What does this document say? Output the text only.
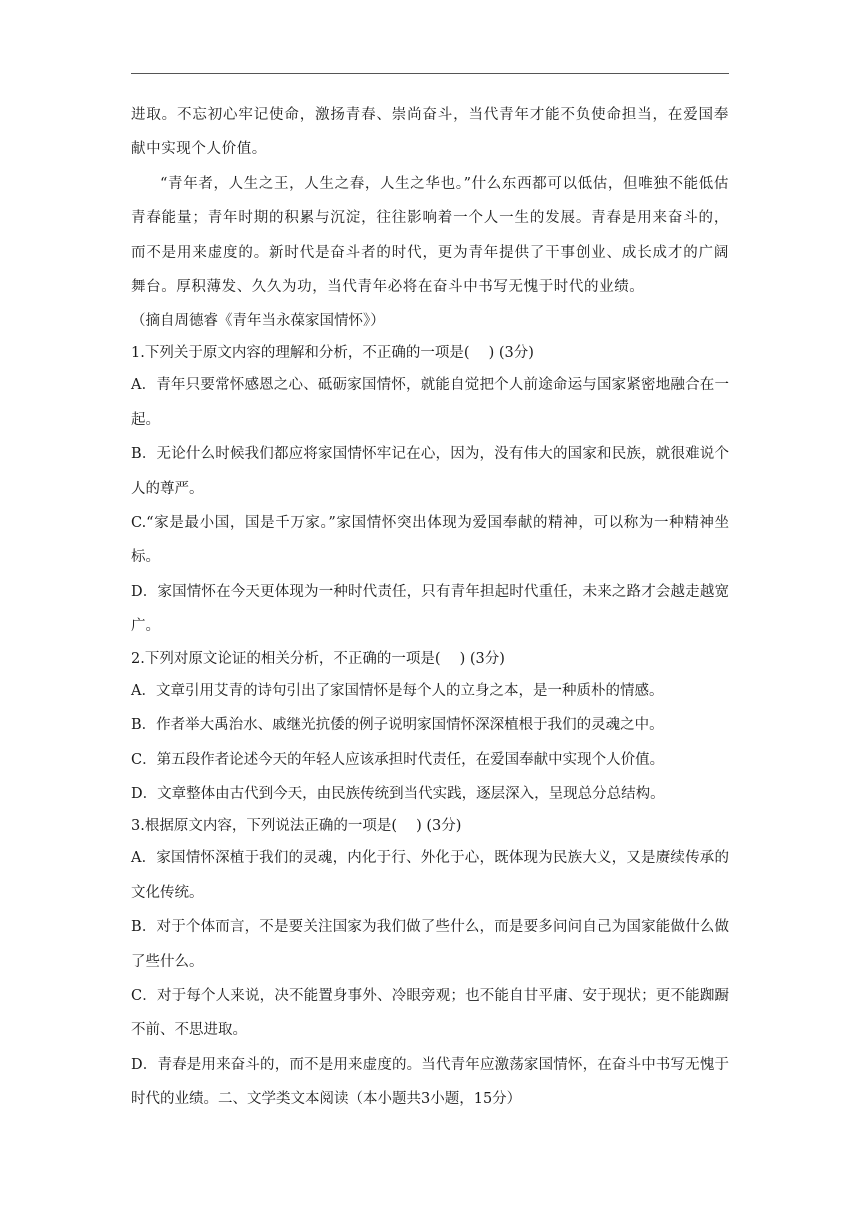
进取。不忘初心牢记使命，激扬青春、崇尚奋斗，当代青年才能不负使命担当，在爱国奉献中实现个人价值。

“青年者，人生之王，人生之春，人生之华也。”什么东西都可以低估，但唯独不能低估青春能量；青年时期的积累与沉淀，往往影响着一个人一生的发展。青春是用来奋斗的，而不是用来虚度的。新时代是奋斗者的时代，更为青年提供了干事创业、成长成才的广阔舞台。厚积薄发、久久为功，当代青年必将在奋斗中书写无愧于时代的业绩。

（摘自周德睿《青年当永葆家国情怀》）

1.下列关于原文内容的理解和分析，不正确的一项是(　 ) (3分)

A．青年只要常怀感恩之心、砥砺家国情怀，就能自觉把个人前途命运与国家紧密地融合在一起。

B．无论什么时候我们都应将家国情怀牢记在心，因为，没有伟大的国家和民族，就很难说个人的尊严。

C.“家是最小国，国是千万家。”家国情怀突出体现为爱国奉献的精神，可以称为一种精神坐标。

D．家国情怀在今天更体现为一种时代责任，只有青年担起时代重任，未来之路才会越走越宽广。

2.下列对原文论证的相关分析，不正确的一项是(　 ) (3分)

A．文章引用艾青的诗句引出了家国情怀是每个人的立身之本，是一种质朴的情感。

B．作者举大禹治水、戚继光抗倭的例子说明家国情怀深深植根于我们的灵魂之中。

C．第五段作者论述今天的年轻人应该承担时代责任，在爱国奉献中实现个人价值。

D．文章整体由古代到今天，由民族传统到当代实践，逐层深入，呈现总分总结构。

3.根据原文内容，下列说法正确的一项是(　 ) (3分)

A．家国情怀深植于我们的灵魂，内化于行、外化于心，既体现为民族大义，又是赓续传承的文化传统。

B．对于个体而言，不是要关注国家为我们做了些什么，而是要多问问自己为国家能做什么做了些什么。

C．对于每个人来说，决不能置身事外、冷眼旁观；也不能自甘平庸、安于现状；更不能踟蹰不前、不思进取。

D．青春是用来奋斗的，而不是用来虚度的。当代青年应激荡家国情怀，在奋斗中书写无愧于时代的业绩。二、文学类文本阅读（本小题共3小题，15分）
